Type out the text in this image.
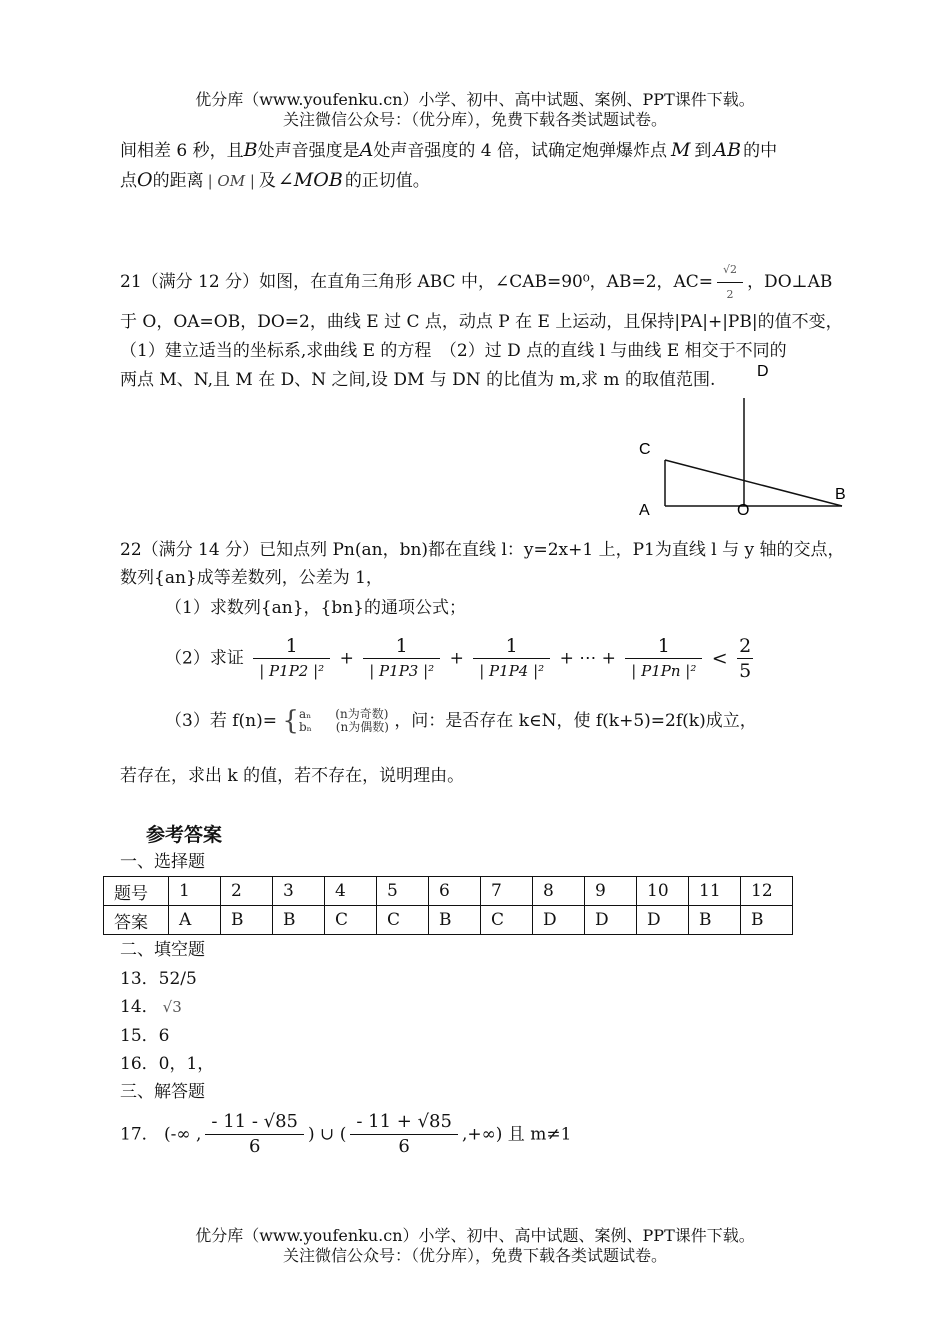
优分库（www.youfenku.cn）小学、初中、高中试题、案例、PPT课件下载。
关注微信公众号：（优分库），免费下载各类试题试卷。
间相差 6 秒，且B处声音强度是A处声音强度的 4 倍，试确定炮弹爆炸点 M 到 AB 的中
点O的距离 | OM | 及 ∠MOB 的正切值。
21（满分 12 分）如图，在直角三角形 ABC 中，∠CAB=90⁰，AB=2，$AC= \frac{√2}{2}$ ，DO⊥AB
于 O，OA=OB，DO=2，曲线 E 过 C 点，动点 P 在 E 上运动，且保持|PA|+|PB|的值不变，
（1）建立适当的坐标系,求曲线 E 的方程　（2）过 D 点的直线 l 与曲线 E 相交于不同的
两点 M、N,且 M 在 D、N 之间,设 DM 与 DN 的比值为 m,求 m 的取值范围.	D
C
A	O
B
22（满分 14 分）已知点列 Pn(an，bn)都在直线 l：y=2x+1 上，P1为直线 l 与 y 轴的交点，
数列{an}成等差数列，公差为 1，
（1）求数列{an}，{bn}的通项公式；
（2）求证 $\frac{1}{\text{| P1P2 |²}} + \frac{1}{\text{| P1P3 |²}} + \frac{1}{\text{| P1P4 |²}}$ + ⋯ + $\frac{1}{\text{| P1Pn |²}} < \frac{2}{5}$
（3）若 f(n)= { aₙ　　(n为奇数)
bₙ　　(n为偶数) ，问：是否存在 k∈N，使 f(k+5)=2f(k)成立，
若存在，求出 k 的值，若不存在，说明理由。
参考答案
一、选择题
题号	1	2	3	4	5	6	7	8	9	10	11	12
答案	A	B	B	C	C	B	C	D	D	D	B	B
二、填空题
13．52/5
14． √3
15．6
16．0，1，
三、解答题
17． (-∞ , $\frac{- 11 - √85}{6}$ ) ∪ ( $\frac{- 11 + √85}{6}$ ,+∞) 且 m≠1
优分库（www.youfenku.cn）小学、初中、高中试题、案例、PPT课件下载。
关注微信公众号：（优分库），免费下载各类试题试卷。
